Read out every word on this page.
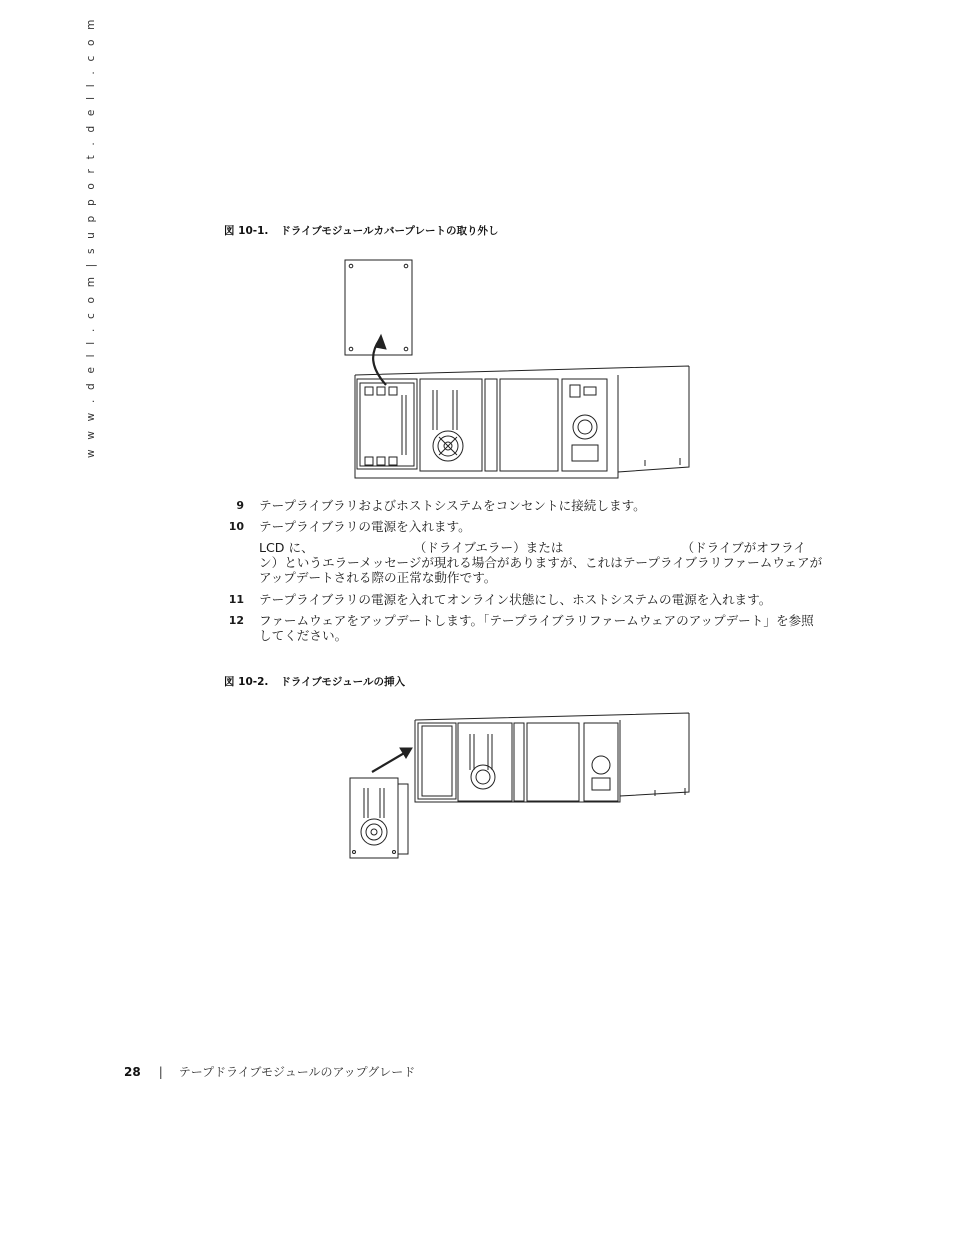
w w w . d e l l . c o m | s u p p o r t . d e l l . c o m	図 10-1. ドライブモジュールカバープレートの取り外し
9 テープライブラリおよびホストシステムをコンセントに接続します。
10 テープライブラリの電源を入れます。
LCD に、	（ドライブエラー）または	（ドライブがオフライン）というエラーメッセージが現れる場合がありますが、これはテープライブラリファームウェアがアップデートされる際の正常な動作です。
11 テープライブラリの電源を入れてオンライン状態にし、ホストシステムの電源を入れます。
12 ファームウェアをアップデートします。「テープライブラリファームウェアのアップデート」を参照してください。
図 10-2. ドライブモジュールの挿入
28 | テープドライブモジュールのアップグレード
